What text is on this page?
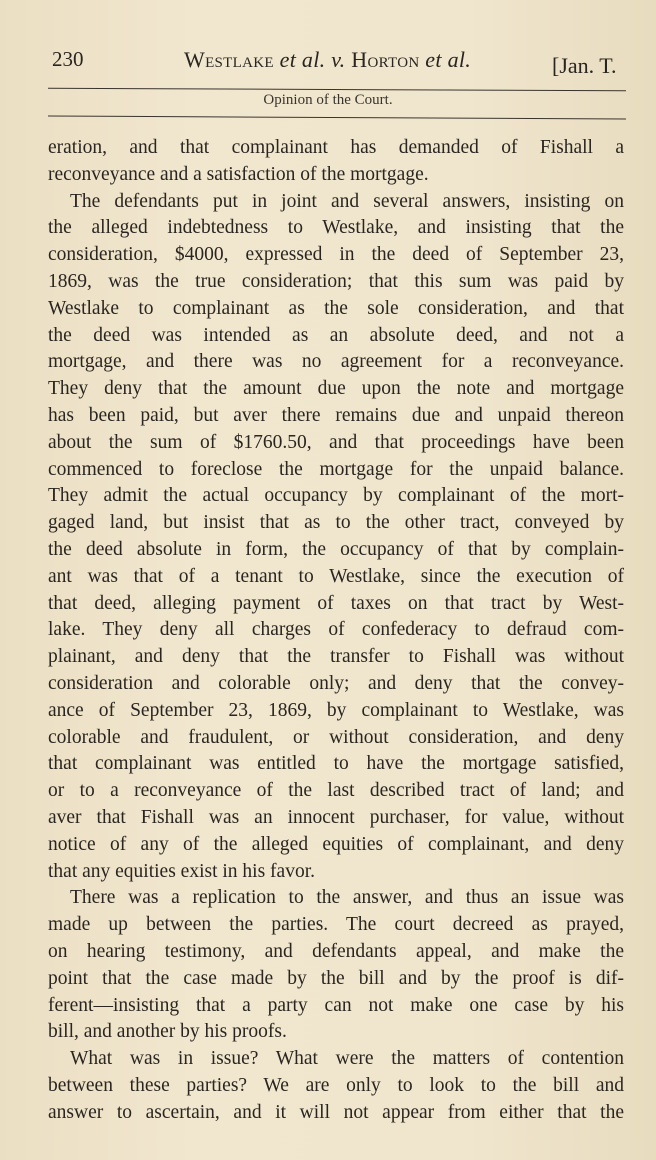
230	Westlake et al. v. Horton et al.	[Jan. T.
Opinion of the Court.
eration, and that complainant has demanded of Fishall a
reconveyance and a satisfaction of the mortgage.
The defendants put in joint and several answers, insisting on
the alleged indebtedness to Westlake, and insisting that the
consideration, $4000, expressed in the deed of September 23,
1869, was the true consideration; that this sum was paid by
Westlake to complainant as the sole consideration, and that
the deed was intended as an absolute deed, and not a
mortgage, and there was no agreement for a reconveyance.
They deny that the amount due upon the note and mortgage
has been paid, but aver there remains due and unpaid thereon
about the sum of $1760.50, and that proceedings have been
commenced to foreclose the mortgage for the unpaid balance.
They admit the actual occupancy by complainant of the mort-
gaged land, but insist that as to the other tract, conveyed by
the deed absolute in form, the occupancy of that by complain-
ant was that of a tenant to Westlake, since the execution of
that deed, alleging payment of taxes on that tract by West-
lake. They deny all charges of confederacy to defraud com-
plainant, and deny that the transfer to Fishall was without
consideration and colorable only; and deny that the convey-
ance of September 23, 1869, by complainant to Westlake, was
colorable and fraudulent, or without consideration, and deny
that complainant was entitled to have the mortgage satisfied,
or to a reconveyance of the last described tract of land; and
aver that Fishall was an innocent purchaser, for value, without
notice of any of the alleged equities of complainant, and deny
that any equities exist in his favor.
There was a replication to the answer, and thus an issue was
made up between the parties. The court decreed as prayed,
on hearing testimony, and defendants appeal, and make the
point that the case made by the bill and by the proof is dif-
ferent—insisting that a party can not make one case by his
bill, and another by his proofs.
What was in issue? What were the matters of contention
between these parties? We are only to look to the bill and
answer to ascertain, and it will not appear from either that the
